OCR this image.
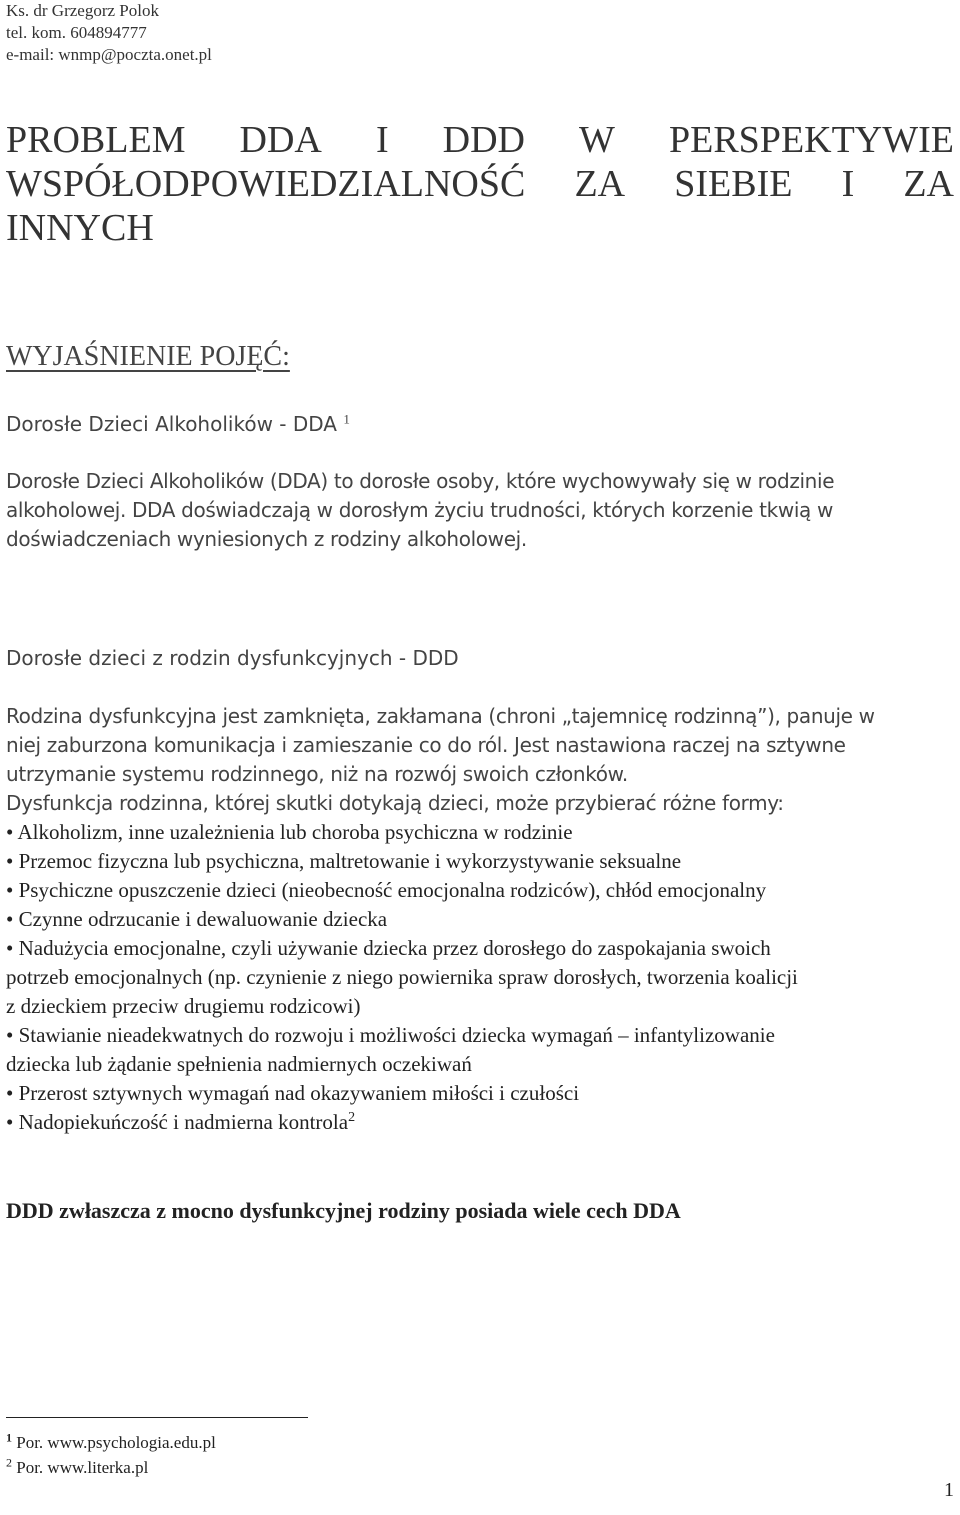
Ks. dr Grzegorz Polok
tel. kom. 604894777
e-mail: wnmp@poczta.onet.pl
PROBLEM DDA I DDD W PERSPEKTYWIE
WSPÓŁODPOWIEDZIALNOŚĆ ZA SIEBIE I ZA
INNYCH
WYJAŚNIENIE POJĘĆ:
Dorosłe Dzieci Alkoholików - DDA $^1$
Dorosłe Dzieci Alkoholików (DDA) to dorosłe osoby, które wychowywały się w rodzinie
alkoholowej. DDA doświadczają w dorosłym życiu trudności, których korzenie tkwią w
doświadczeniach wyniesionych z rodziny alkoholowej.
Dorosłe dzieci z rodzin dysfunkcyjnych - DDD
Rodzina dysfunkcyjna jest zamknięta, zakłamana (chroni „tajemnicę rodzinną”), panuje w
niej zaburzona komunikacja i zamieszanie co do ról. Jest nastawiona raczej na sztywne
utrzymanie systemu rodzinnego, niż na rozwój swoich członków.
Dysfunkcja rodzinna, której skutki dotykają dzieci, może przybierać różne formy:
• Alkoholizm, inne uzależnienia lub choroba psychiczna w rodzinie
• Przemoc fizyczna lub psychiczna, maltretowanie i wykorzystywanie seksualne
• Psychiczne opuszczenie dzieci (nieobecność emocjonalna rodziców), chłód emocjonalny
• Czynne odrzucanie i dewaluowanie dziecka
• Nadużycia emocjonalne, czyli używanie dziecka przez dorosłego do zaspokajania swoich
potrzeb emocjonalnych (np. czynienie z niego powiernika spraw dorosłych, tworzenia koalicji
z dzieckiem przeciw drugiemu rodzicowi)
• Stawianie nieadekwatnych do rozwoju i możliwości dziecka wymagań – infantylizowanie
dziecka lub żądanie spełnienia nadmiernych oczekiwań
• Przerost sztywnych wymagań nad okazywaniem miłości i czułości
• Nadopiekuńczość i nadmierna kontrola$^2$
DDD zwłaszcza z mocno dysfunkcyjnej rodziny posiada wiele cech DDA
$^1$ Por. www.psychologia.edu.pl
$^2$ Por. www.literka.pl
1
